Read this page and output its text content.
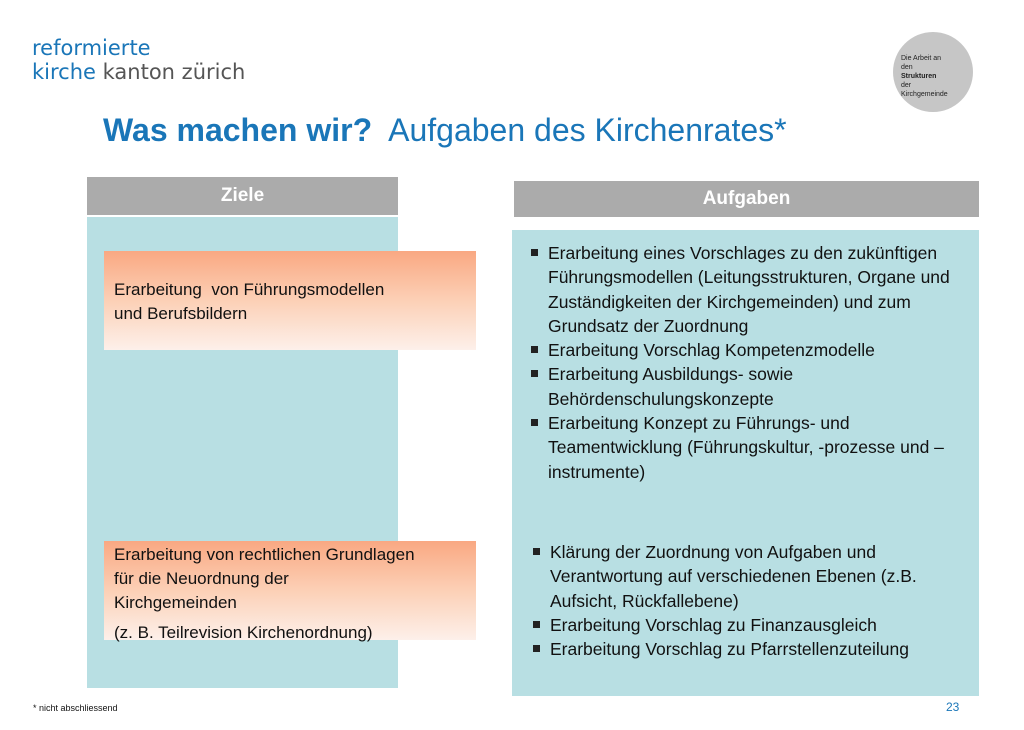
reformierte
kirche kanton zürich
Die Arbeit an
den
Strukturen
der
Kirchgemeinde
Was machen wir? Aufgaben des Kirchenrates*
Ziele	Aufgaben
Erarbeitung  von Führungsmodellen
und Berufsbildern
Erarbeitung von rechtlichen Grundlagen
für die Neuordnung der
Kirchgemeinden
(z. B. Teilrevision Kirchenordnung)
Erarbeitung eines Vorschlages zu den zukünftigen Führungsmodellen (Leitungsstrukturen, Organe und Zuständigkeiten der Kirchgemeinden) und zum Grundsatz der Zuordnung
Erarbeitung Vorschlag Kompetenzmodelle
Erarbeitung Ausbildungs- sowie Behördenschulungskonzepte
Erarbeitung Konzept zu Führungs- und Teamentwicklung (Führungskultur, -prozesse und –instrumente)
Klärung der Zuordnung von Aufgaben und Verantwortung auf verschiedenen Ebenen (z.B. Aufsicht, Rückfallebene)
Erarbeitung Vorschlag zu Finanzausgleich
Erarbeitung Vorschlag zu Pfarrstellenzuteilung
* nicht abschliessend	23
